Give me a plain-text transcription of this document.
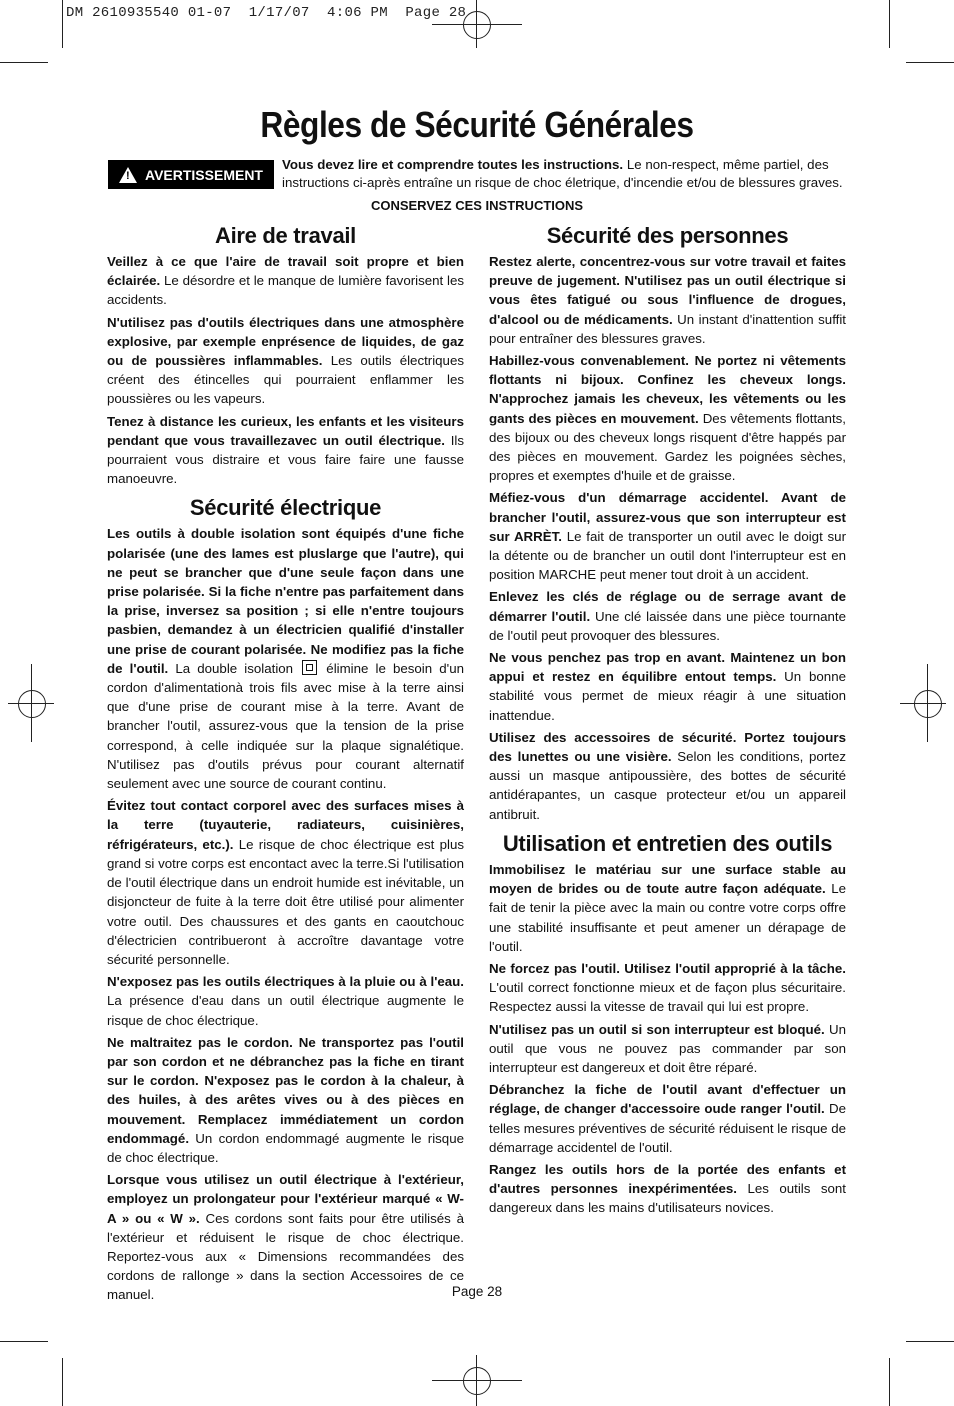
DM 2610935540 01-07  1/17/07  4:06 PM  Page 28
Règles de Sécurité Générales
! AVERTISSEMENT
Vous devez lire et comprendre toutes les instructions. Le non-respect, même partiel, des instructions ci-après entraîne un risque de choc életrique, d'incendie et/ou de blessures graves.
CONSERVEZ CES INSTRUCTIONS
Aire de travail

Veillez à ce que l'aire de travail soit propre et bien éclairée. Le désordre et le manque de lumière favorisent les accidents.

N'utilisez pas d'outils électriques dans une atmosphère explosive, par exemple enprésence de liquides, de gaz ou de poussières inflammables. Les outils électriques créent des étincelles qui pourraient enflammer les poussières ou les vapeurs.

Tenez à distance les curieux, les enfants et les visiteurs pendant que vous travaillezavec un outil électrique. Ils pourraient vous distraire et vous faire faire une fausse manoeuvre.

Sécurité électrique

Les outils à double isolation sont équipés d'une fiche polarisée (une des lames est pluslarge que l'autre), qui ne peut se brancher que d'une seule façon dans une prise polarisée. Si la fiche n'entre pas parfaitement dans la prise, inversez sa position ; si elle n'entre toujours pasbien, demandez à un électricien qualifié d'installer une prise de courant polarisée. Ne modifiez pas la fiche de l'outil. La double isolation  élimine le besoin d'un cordon d'alimentationà trois fils avec mise à la terre ainsi que d'une prise de courant mise à la terre. Avant de brancher l'outil, assurez-vous que la tension de la prise correspond, à celle indiquée sur la plaque signalétique. N'utilisez pas d'outils prévus pour courant alternatif seulement avec une source de courant continu.

Évitez tout contact corporel avec des surfaces mises à la terre (tuyauterie, radiateurs, cuisinières, réfrigérateurs, etc.). Le risque de choc électrique est plus grand si votre corps est encontact avec la terre.Si l'utilisation de l'outil électrique dans un endroit humide est inévitable, un disjoncteur de fuite à la terre doit être utilisé pour alimenter votre outil. Des chaussures et des gants en caoutchouc d'électricien contribueront à accroître davantage votre sécurité personnelle.

N'exposez pas les outils électriques à la pluie ou à l'eau. La présence d'eau dans un outil électrique augmente le risque de choc électrique.

Ne maltraitez pas le cordon. Ne transportez pas l'outil par son cordon et ne débranchez pas la fiche en tirant sur le cordon. N'exposez pas le cordon à la chaleur, à des huiles, à des arêtes vives ou à des pièces en mouvement. Remplacez immédiatement un cordon endommagé. Un cordon endommagé augmente le risque de choc électrique.

Lorsque vous utilisez un outil électrique à l'extérieur, employez un prolongateur pour l'extérieur marqué « W-A » ou « W ». Ces cordons sont faits pour être utilisés à l'extérieur et réduisent le risque de choc électrique. Reportez-vous aux « Dimensions recommandées des cordons de rallonge » dans la section Accessoires de ce manuel.

Sécurité des personnes

Restez alerte, concentrez-vous sur votre travail et faites preuve de jugement. N'utilisez pas un outil électrique si vous êtes fatigué ou sous l'influence de drogues, d'alcool ou de médicaments. Un instant d'inattention suffit pour entraîner des blessures graves.

Habillez-vous convenablement. Ne portez ni vêtements flottants ni bijoux. Confinez les cheveux longs. N'approchez jamais les cheveux, les vêtements ou les gants des pièces en mouvement. Des vêtements flottants, des bijoux ou des cheveux longs risquent d'être happés par des pièces en mouvement. Gardez les poignées sèches, propres et exemptes d'huile et de graisse.

Méfiez-vous d'un démarrage accidentel. Avant de brancher l'outil, assurez-vous que son interrupteur est sur ARRÈT. Le fait de transporter un outil avec le doigt sur la détente ou de brancher un outil dont l'interrupteur est en position MARCHE peut mener tout droit à un accident.

Enlevez les clés de réglage ou de serrage avant de démarrer l'outil. Une clé laissée dans une pièce tournante de l'outil peut provoquer des blessures.

Ne vous penchez pas trop en avant. Maintenez un bon appui et restez en équilibre entout temps. Un bonne stabilité vous permet de mieux réagir à une situation inattendue.

Utilisez des accessoires de sécurité. Portez toujours des lunettes ou une visière. Selon les conditions, portez aussi un masque antipoussière, des bottes de sécurité antidérapantes, un casque protecteur et/ou un appareil antibruit.

Utilisation et entretien des outils

Immobilisez le matériau sur une surface stable au moyen de brides ou de toute autre façon adéquate. Le fait de tenir la pièce avec la main ou contre votre corps offre une stabilité insuffisante et peut amener un dérapage de l'outil.

Ne forcez pas l'outil. Utilisez l'outil approprié à la tâche. L'outil correct fonctionne mieux et de façon plus sécuritaire. Respectez aussi la vitesse de travail qui lui est propre.

N'utilisez pas un outil si son interrupteur est bloqué. Un outil que vous ne pouvez pas commander par son interrupteur est dangereux et doit être réparé.

Débranchez la fiche de l'outil avant d'effectuer un réglage, de changer d'accessoire oude ranger l'outil. De telles mesures préventives de sécurité réduisent le risque de démarrage accidentel de l'outil.

Rangez les outils hors de la portée des enfants et d'autres personnes inexpérimentées. Les outils sont dangereux dans les mains d'utilisateurs novices.

Page 28
